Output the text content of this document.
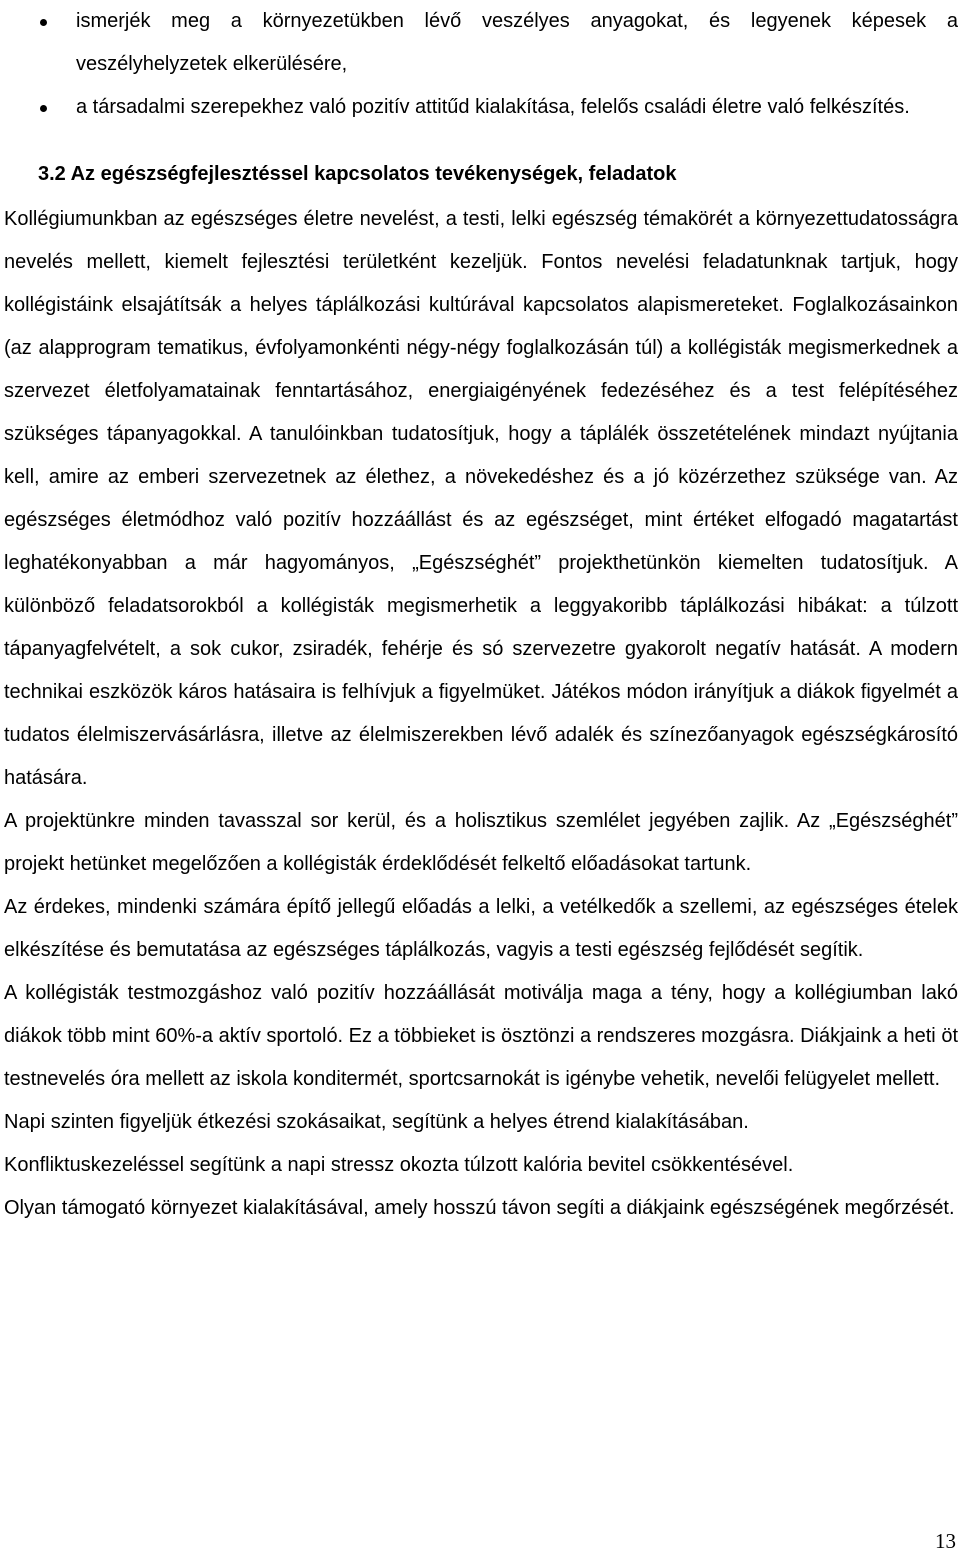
ismerjék meg a környezetükben lévő veszélyes anyagokat, és legyenek képesek a veszélyhelyzetek elkerülésére,
a társadalmi szerepekhez való pozitív attitűd kialakítása, felelős családi életre való felkészítés.
3.2 Az egészségfejlesztéssel kapcsolatos tevékenységek, feladatok

Kollégiumunkban az egészséges életre nevelést, a testi, lelki egészség témakörét a környezettudatosságra nevelés mellett, kiemelt fejlesztési területként kezeljük. Fontos nevelési feladatunknak tartjuk, hogy kollégistáink elsajátítsák a helyes táplálkozási kultúrával kapcsolatos alapismereteket. Foglalkozásainkon (az alapprogram tematikus, évfolyamonkénti négy-négy foglalkozásán túl) a kollégisták megismerkednek a szervezet életfolyamatainak fenntartásához, energiaigényének fedezéséhez és a test felépítéséhez szükséges tápanyagokkal. A tanulóinkban tudatosítjuk, hogy a táplálék összetételének mindazt nyújtania kell, amire az emberi szervezetnek az élethez, a növekedéshez és a jó közérzethez szüksége van. Az egészséges életmódhoz való pozitív hozzáállást és az egészséget, mint értéket elfogadó magatartást leghatékonyabban a már hagyományos, „Egészséghét” projekthetünkön kiemelten tudatosítjuk. A különböző feladatsorokból a kollégisták megismerhetik a leggyakoribb táplálkozási hibákat: a túlzott tápanyagfelvételt, a sok cukor, zsiradék, fehérje és só szervezetre gyakorolt negatív hatását. A modern technikai eszközök káros hatásaira is felhívjuk a figyelmüket. Játékos módon irányítjuk a diákok figyelmét a tudatos élelmiszervásárlásra, illetve az élelmiszerekben lévő adalék és színezőanyagok egészségkárosító hatására.

A projektünkre minden tavasszal sor kerül, és a holisztikus szemlélet jegyében zajlik. Az „Egészséghét” projekt hetünket megelőzően a kollégisták érdeklődését felkeltő előadásokat tartunk.

Az érdekes, mindenki számára építő jellegű előadás a lelki, a vetélkedők a szellemi, az egészséges ételek elkészítése és bemutatása az egészséges táplálkozás, vagyis a testi egészség fejlődését segítik.

A kollégisták testmozgáshoz való pozitív hozzáállását motiválja maga a tény, hogy a kollégiumban lakó diákok több mint 60%-a aktív sportoló. Ez a többieket is ösztönzi a rendszeres mozgásra. Diákjaink a heti öt testnevelés óra mellett az iskola konditermét, sportcsarnokát is igénybe vehetik, nevelői felügyelet mellett.

Napi szinten figyeljük étkezési szokásaikat, segítünk a helyes étrend kialakításában.

Konfliktuskezeléssel segítünk a napi stressz okozta túlzott kalória bevitel csökkentésével.

Olyan támogató környezet kialakításával, amely hosszú távon segíti a diákjaink egészségének megőrzését.

13
